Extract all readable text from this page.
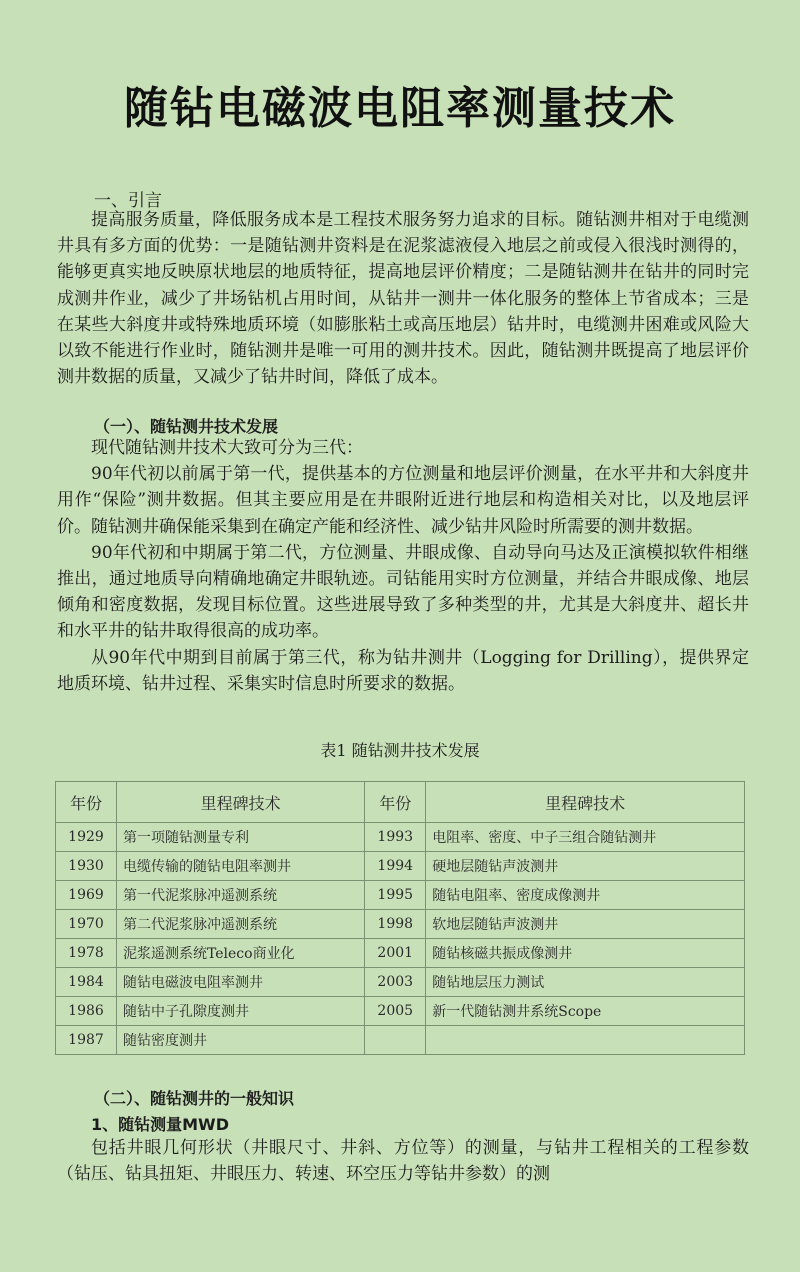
随钻电磁波电阻率测量技术
一、引言

提高服务质量，降低服务成本是工程技术服务努力追求的目标。随钻测井相对于电缆测井具有多方面的优势：一是随钻测井资料是在泥浆滤液侵入地层之前或侵入很浅时测得的，能够更真实地反映原状地层的地质特征，提高地层评价精度；二是随钻测井在钻井的同时完成测井作业，减少了井场钻机占用时间，从钻井一测井一体化服务的整体上节省成本；三是在某些大斜度井或特殊地质环境（如膨胀粘土或高压地层）钻井时，电缆测井困难或风险大以致不能进行作业时，随钻测井是唯一可用的测井技术。因此，随钻测井既提高了地层评价测井数据的质量，又减少了钻井时间，降低了成本。

（一）、随钻测井技术发展

现代随钻测井技术大致可分为三代：

90年代初以前属于第一代，提供基本的方位测量和地层评价测量，在水平井和大斜度井用作“保险”测井数据。但其主要应用是在井眼附近进行地层和构造相关对比，以及地层评价。随钻测井确保能采集到在确定产能和经济性、减少钻井风险时所需要的测井数据。

90年代初和中期属于第二代，方位测量、井眼成像、自动导向马达及正演模拟软件相继推出，通过地质导向精确地确定井眼轨迹。司钻能用实时方位测量，并结合井眼成像、地层倾角和密度数据，发现目标位置。这些进展导致了多种类型的井，尤其是大斜度井、超长井和水平井的钻井取得很高的成功率。

从90年代中期到目前属于第三代，称为钻井测井（Logging for Drilling），提供界定地质环境、钻井过程、采集实时信息时所要求的数据。

表1 随钻测井技术发展
年份	里程碑技术	年份	里程碑技术
1929	第一项随钻测量专利	1993	电阻率、密度、中子三组合随钻测井
1930	电缆传输的随钻电阻率测井	1994	硬地层随钻声波测井
1969	第一代泥浆脉冲遥测系统	1995	随钻电阻率、密度成像测井
1970	第二代泥浆脉冲遥测系统	1998	软地层随钻声波测井
1978	泥浆遥测系统Teleco商业化	2001	随钻核磁共振成像测井
1984	随钻电磁波电阻率测井	2003	随钻地层压力测试
1986	随钻中子孔隙度测井	2005	新一代随钻测井系统Scope
1987	随钻密度测井		
（二）、随钻测井的一般知识
1、随钻测量MWD

包括井眼几何形状（井眼尺寸、井斜、方位等）的测量，与钻井工程相关的工程参数（钻压、钻具扭矩、井眼压力、转速、环空压力等钻井参数）的测
